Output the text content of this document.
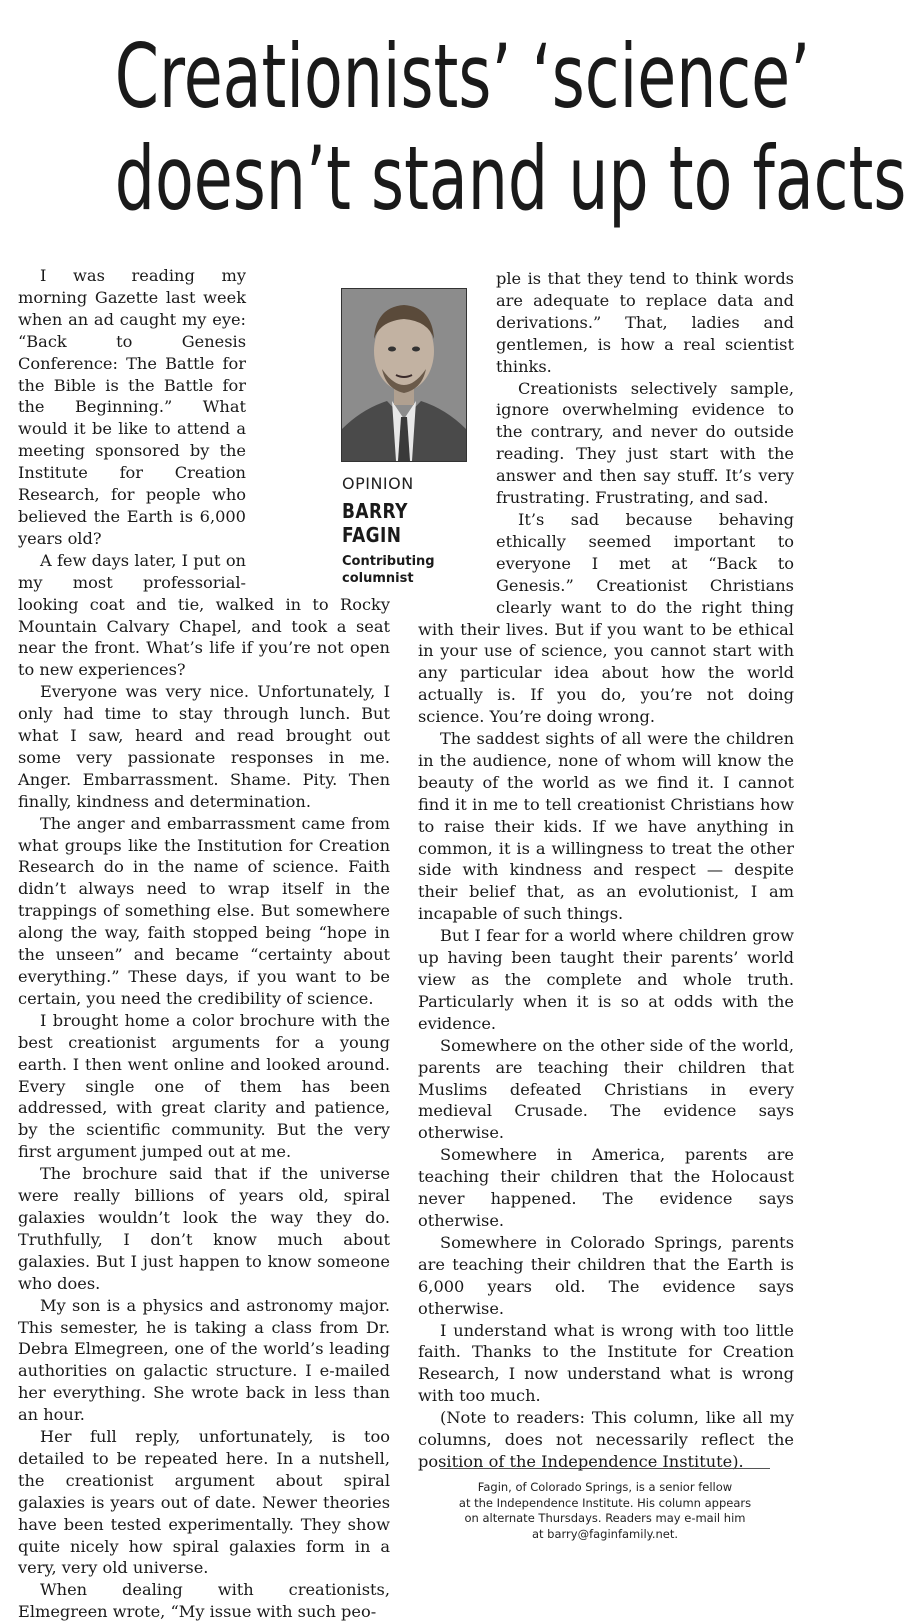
Creationists’ ‘science’
doesn’t stand up to facts
OPINION
BARRY
FAGIN
Contributing
columnist

I was reading my morning Gazette last week when an ad caught my eye: “Back to Genesis Conference: The Battle for the Bible is the Battle for the Beginning.” What would it be like to attend a meeting sponsored by the Institute for Creation Research, for people who believed the Earth is 6,000 years old?

A few days later, I put on my most professorial-looking coat and tie, walked in to Rocky Mountain Calvary Chapel, and took a seat near the front. What’s life if you’re not open to new experiences?

Everyone was very nice. Unfortunately, I only had time to stay through lunch. But what I saw, heard and read brought out some very passionate responses in me. Anger. Embarrassment. Shame. Pity. Then finally, kindness and determination.

The anger and embarrassment came from what groups like the Institution for Creation Research do in the name of science. Faith didn’t always need to wrap itself in the trappings of something else. But somewhere along the way, faith stopped being “hope in the unseen” and became “certainty about everything.” These days, if you want to be certain, you need the credibility of science.

I brought home a color brochure with the best creationist arguments for a young earth. I then went online and looked around. Every single one of them has been addressed, with great clarity and patience, by the scientific community. But the very first argument jumped out at me.

The brochure said that if the universe were really billions of years old, spiral galaxies wouldn’t look the way they do. Truthfully, I don’t know much about galaxies. But I just happen to know someone who does.

My son is a physics and astronomy major. This semester, he is taking a class from Dr. Debra Elmegreen, one of the world’s leading authorities on galactic structure. I e-mailed her everything. She wrote back in less than an hour.

Her full reply, unfortunately, is too detailed to be repeated here. In a nutshell, the creationist argument about spiral galaxies is years out of date. Newer theories have been tested experimentally. They show quite nicely how spiral galaxies form in a very, very old universe.

When dealing with creationists, Elmegreen wrote, “My issue with such peo-

ple is that they tend to think words are adequate to replace data and derivations.” That, ladies and gentlemen, is how a real scientist thinks.

Creationists selectively sample, ignore overwhelming evidence to the contrary, and never do outside reading. They just start with the answer and then say stuff. It’s very frustrating. Frustrating, and sad.

It’s sad because behaving ethically seemed important to everyone I met at “Back to Genesis.” Creationist Christians clearly want to do the right thing with their lives. But if you want to be ethical in your use of science, you cannot start with any particular idea about how the world actually is. If you do, you’re not doing science. You’re doing wrong.

The saddest sights of all were the children in the audience, none of whom will know the beauty of the world as we find it. I cannot find it in me to tell creationist Christians how to raise their kids. If we have anything in common, it is a willingness to treat the other side with kindness and respect — despite their belief that, as an evolutionist, I am incapable of such things.

But I fear for a world where children grow up having been taught their parents’ world view as the complete and whole truth. Particularly when it is so at odds with the evidence.

Somewhere on the other side of the world, parents are teaching their children that Muslims defeated Christians in every medieval Crusade. The evidence says otherwise.

Somewhere in America, parents are teaching their children that the Holocaust never happened. The evidence says otherwise.

Somewhere in Colorado Springs, parents are teaching their children that the Earth is 6,000 years old. The evidence says otherwise.

I understand what is wrong with too little faith. Thanks to the Institute for Creation Research, I now understand what is wrong with too much.

(Note to readers: This column, like all my columns, does not necessarily reflect the position of the Independence Institute).

Fagin, of Colorado Springs, is a senior fellow
at the Independence Institute. His column appears
on alternate Thursdays. Readers may e-mail him
at barry@faginfamily.net.
